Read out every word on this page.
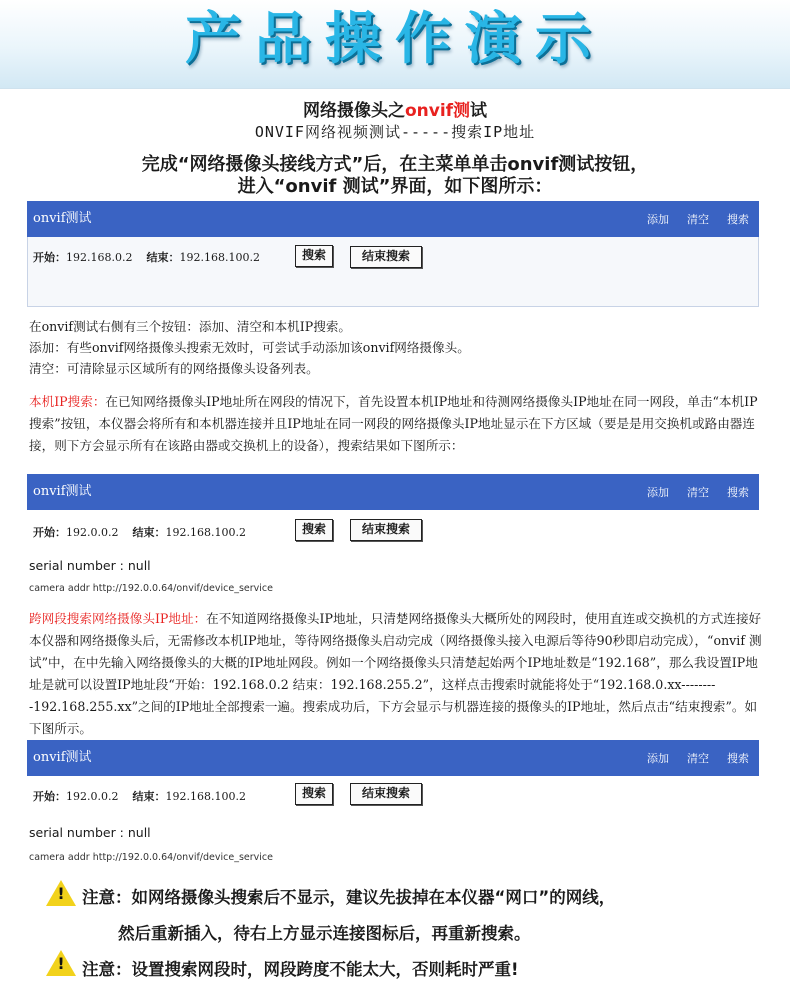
产品操作演示
网络摄像头之onvif测试
ONVIF网络视频测试-----搜索IP地址
完成“网络摄像头接线方式”后，在主菜单单击onvif测试按钮，
进入“onvif 测试”界面，如下图所示：
onvif测试	添加 清空 搜索
开始：192.168.0.2 结束：192.168.100.2	搜索	结束搜索
在onvif测试右侧有三个按钮：添加、清空和本机IP搜索。
添加：有些onvif网络摄像头搜索无效时，可尝试手动添加该onvif网络摄像头。
清空：可清除显示区域所有的网络摄像头设备列表。
本机IP搜索：在已知网络摄像头IP地址所在网段的情况下，首先设置本机IP地址和待测网络摄像头IP地址在同一网段，单击“本机IP搜索”按钮，本仪器会将所有和本机器连接并且IP地址在同一网段的网络摄像头IP地址显示在下方区域（要是是用交换机或路由器连接，则下方会显示所有在该路由器或交换机上的设备），搜索结果如下图所示：
onvif测试	添加 清空 搜索
开始：192.0.0.2 结束：192.168.100.2	搜索	结束搜索
serial number : null
camera addr http://192.0.0.64/onvif/device_service
跨网段搜索网络摄像头IP地址：在不知道网络摄像头IP地址，只清楚网络摄像头大概所处的网段时，使用直连或交换机的方式连接好本仪器和网络摄像头后，无需修改本机IP地址，等待网络摄像头启动完成（网络摄像头接入电源后等待90秒即启动完成），“onvif 测试”中，在中先输入网络摄像头的大概的IP地址网段。例如一个网络摄像头只清楚起始两个IP地址数是“192.168”，那么我设置IP地址是就可以设置IP地址段“开始：192.168.0.2 结束：192.168.255.2”，这样点击搜索时就能将处于“192.168.0.xx---------192.168.255.xx”之间的IP地址全部搜索一遍。搜索成功后，下方会显示与机器连接的摄像头的IP地址，然后点击“结束搜索”。如下图所示。
onvif测试	添加 清空 搜索
开始：192.0.0.2 结束：192.168.100.2	搜索	结束搜索
serial number : null
camera addr http://192.0.0.64/onvif/device_service
!	注意：如网络摄像头搜索后不显示，建议先拔掉在本仪器“网口”的网线，
然后重新插入，待右上方显示连接图标后，再重新搜索。
!	注意：设置搜索网段时，网段跨度不能太大，否则耗时严重!
